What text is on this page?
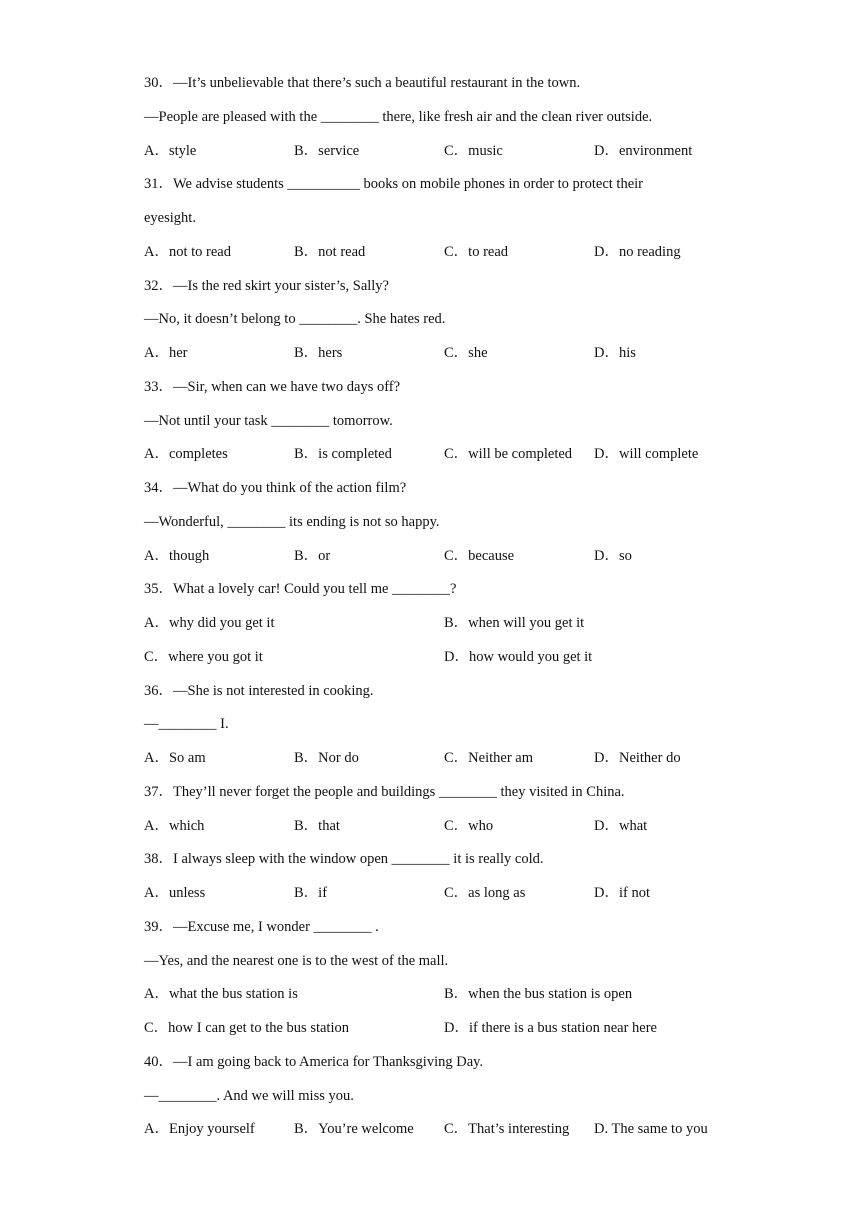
30．—It’s unbelievable that there’s such a beautiful restaurant in the town.
—People are pleased with the ________ there, like fresh air and the clean river outside.
A．style	B．service	C．music	D．environment
31．We advise students __________ books on mobile phones in order to protect their
eyesight.
A．not to read	B．not read	C．to read	D．no reading
32．—Is the red skirt your sister’s, Sally?
—No, it doesn’t belong to ________. She hates red.
A．her	B．hers	C．she	D．his
33．—Sir, when can we have two days off?
—Not until your task ________ tomorrow.
A．completes	B．is completed	C．will be completed D．will complete
34．—What do you think of the action film?
—Wonderful, ________ its ending is not so happy.
A．though	B．or	C．because	D．so
35．What a lovely car! Could you tell me ________?
A．why did you get it	B．when will you get it
C．where you got it	D．how would you get it
36．—She is not interested in cooking.
—________ I.
A．So am	B．Nor do	C．Neither am	D．Neither do
37．They’ll never forget the people and buildings ________ they visited in China.
A．which	B．that	C．who	D．what
38．I always sleep with the window open ________ it is really cold.
A．unless	B．if	C．as long as	D．if not
39．—Excuse me, I wonder ________ .
—Yes, and the nearest one is to the west of the mall.
A．what the bus station is	B．when the bus station is open
C．how I can get to the bus station	D．if there is a bus station near here
40．—I am going back to America for Thanksgiving Day.
—________. And we will miss you.
A．Enjoy yourself	B．You’re welcome C．That’s interesting D. The same to you
